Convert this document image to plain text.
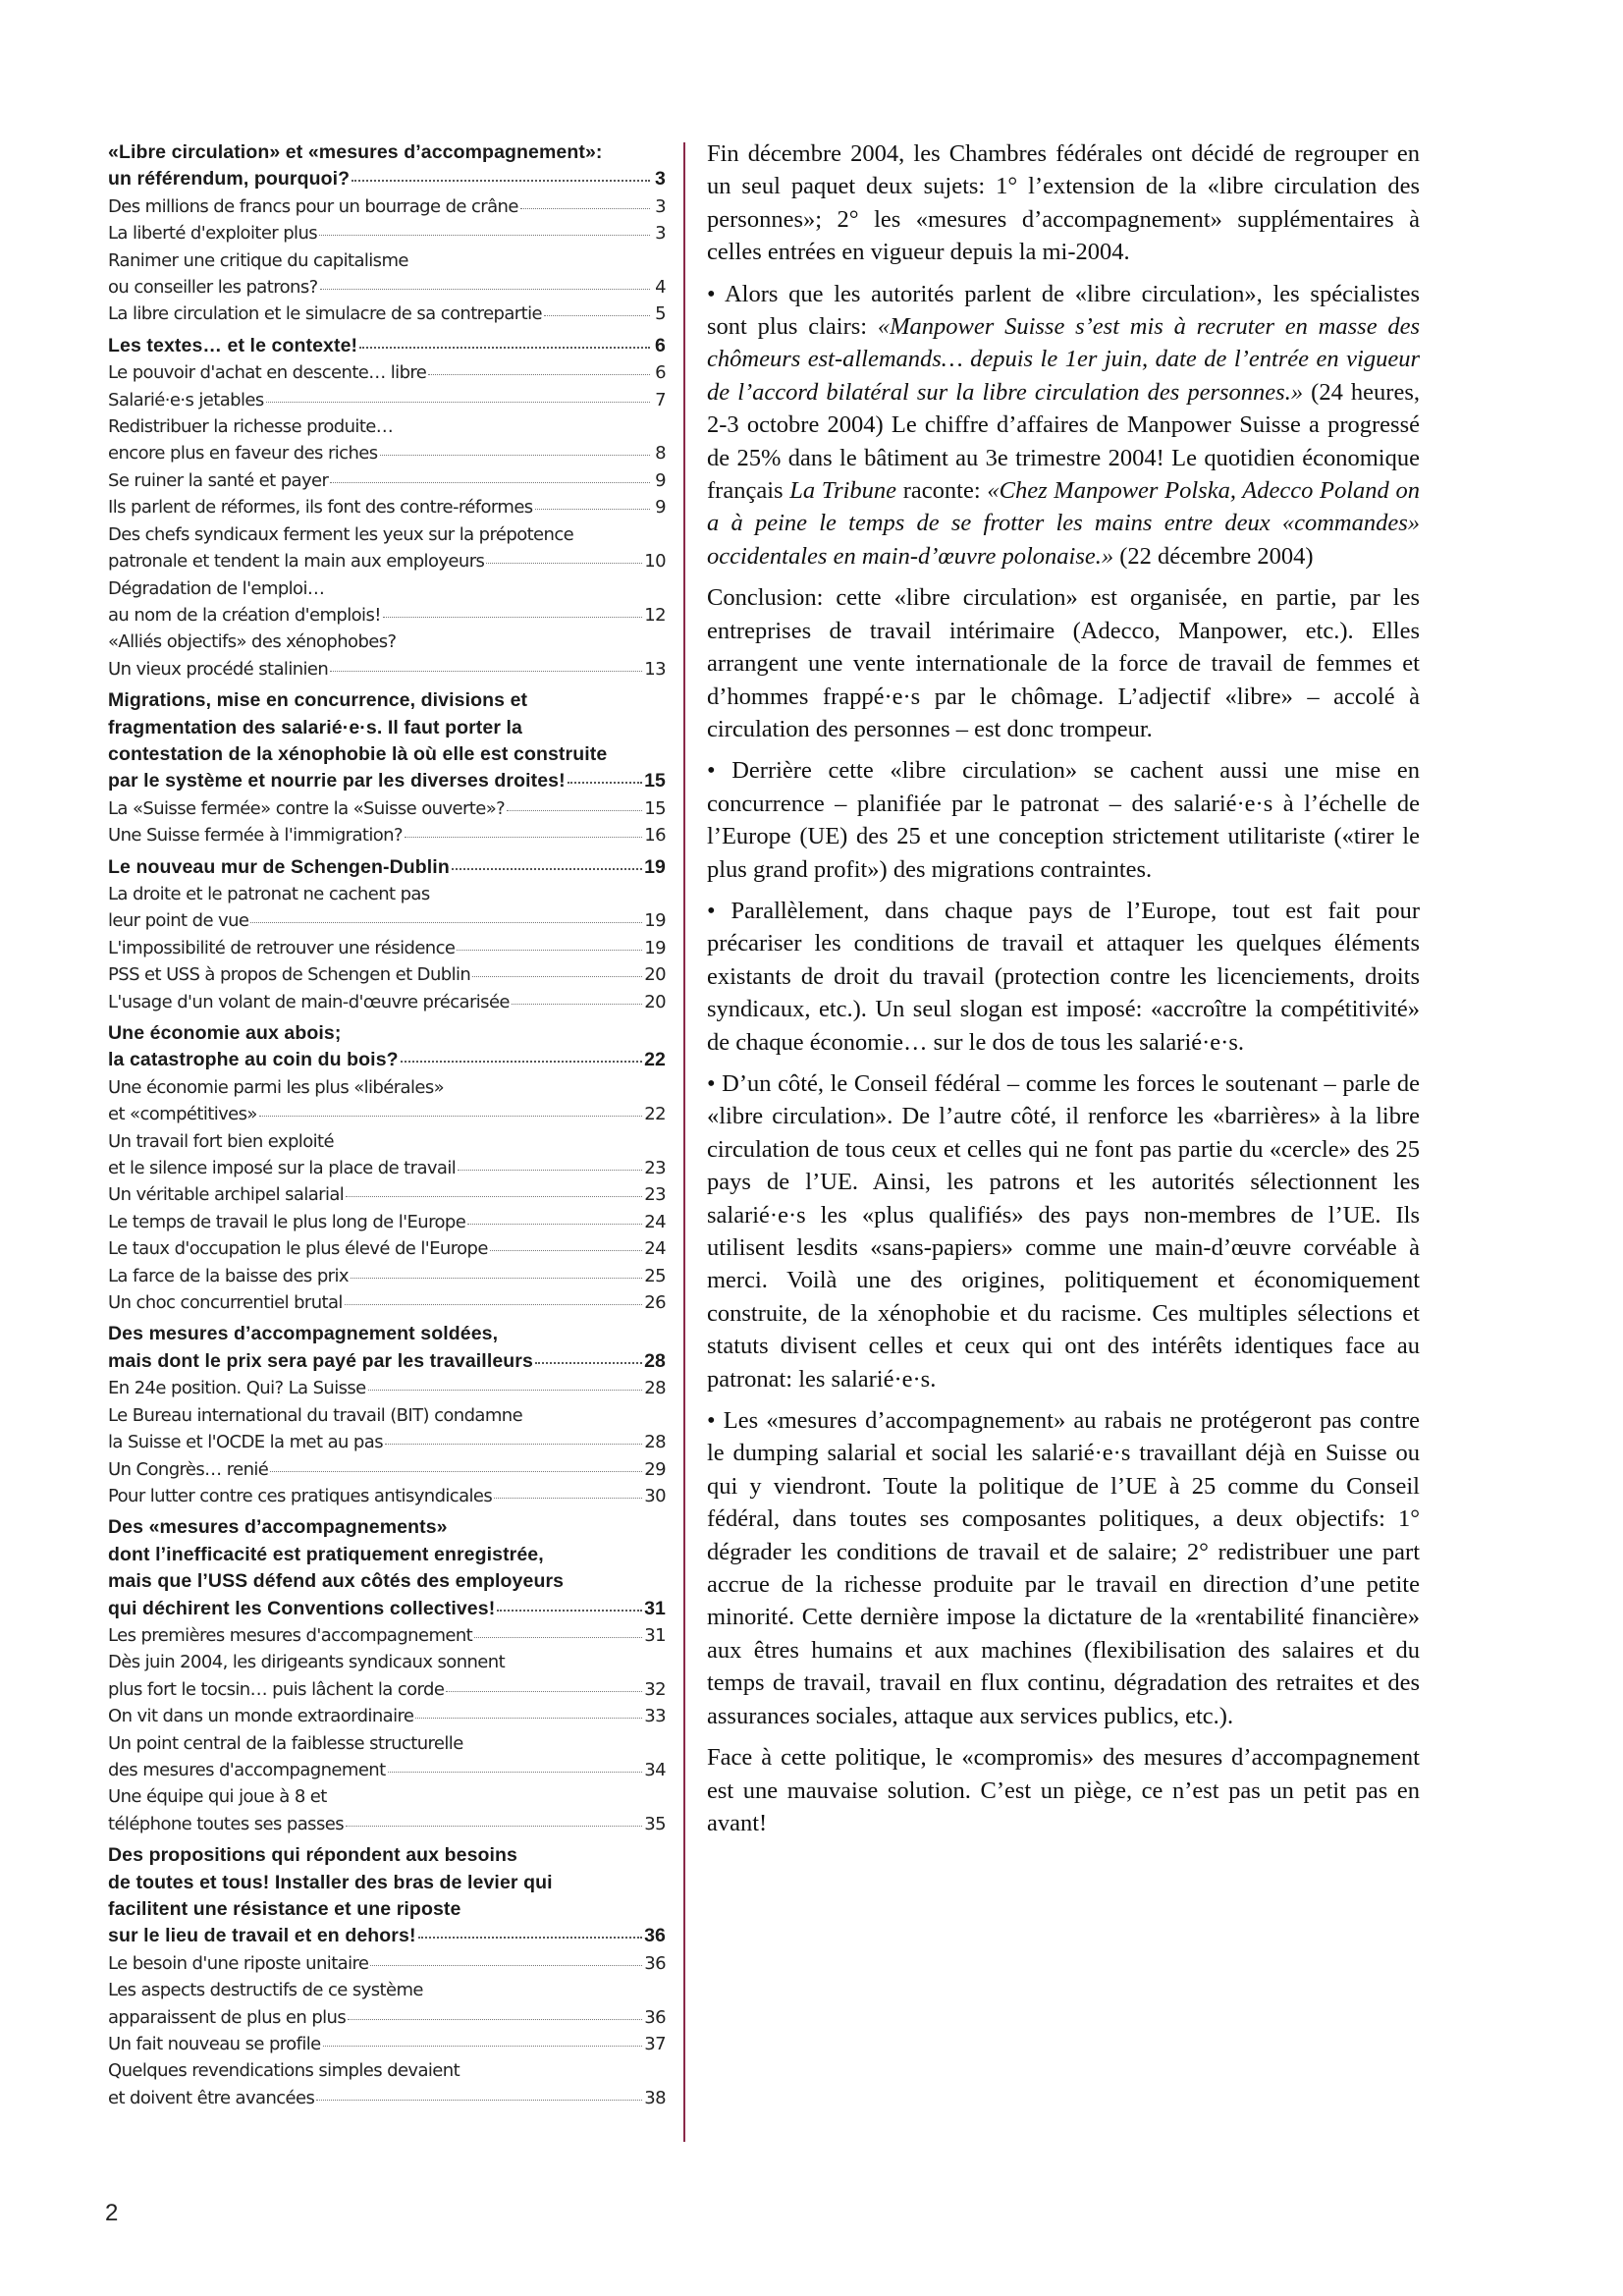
«Libre circulation» et «mesures d’accompagnement»:
un référendum, pourquoi?	3
Des millions de francs pour un bourrage de crâne	3
La liberté d'exploiter plus	3
Ranimer une critique du capitalisme
ou conseiller les patrons?	4
La libre circulation et le simulacre de sa contrepartie	5
Les textes… et le contexte!	6
Le pouvoir d'achat en descente… libre	6
Salarié·e·s jetables	7
Redistribuer la richesse produite…
encore plus en faveur des riches	8
Se ruiner la santé et payer	9
Ils parlent de réformes, ils font des contre-réformes	9
Des chefs syndicaux ferment les yeux sur la prépotence
patronale et tendent la main aux employeurs	10
Dégradation de l'emploi…
au nom de la création d'emplois!	12
«Alliés objectifs» des xénophobes?
Un vieux procédé stalinien	13
Migrations, mise en concurrence, divisions et
fragmentation des salarié·e·s. Il faut porter la
contestation de la xénophobie là où elle est construite
par le système et nourrie par les diverses droites!	15
La «Suisse fermée» contre la «Suisse ouverte»?	15
Une Suisse fermée à l'immigration?	16
Le nouveau mur de Schengen-Dublin	19
La droite et le patronat ne cachent pas
leur point de vue	19
L'impossibilité de retrouver une résidence	19
PSS et USS à propos de Schengen et Dublin	20
L'usage d'un volant de main-d'œuvre précarisée	20
Une économie aux abois;
la catastrophe au coin du bois?	22
Une économie parmi les plus «libérales»
et «compétitives»	22
Un travail fort bien exploité
et le silence imposé sur la place de travail	23
Un véritable archipel salarial	23
Le temps de travail le plus long de l'Europe	24
Le taux d'occupation le plus élevé de l'Europe	24
La farce de la baisse des prix	25
Un choc concurrentiel brutal	26
Des mesures d’accompagnement soldées,
mais dont le prix sera payé par les travailleurs	28
En 24e position. Qui? La Suisse	28
Le Bureau international du travail (BIT) condamne
la Suisse et l'OCDE la met au pas	28
Un Congrès… renié	29
Pour lutter contre ces pratiques antisyndicales	30
Des «mesures d’accompagnements»
dont l’inefficacité est pratiquement enregistrée,
mais que l’USS défend aux côtés des employeurs
qui déchirent les Conventions collectives!	31
Les premières mesures d'accompagnement	31
Dès juin 2004, les dirigeants syndicaux sonnent
plus fort le tocsin… puis lâchent la corde	32
On vit dans un monde extraordinaire	33
Un point central de la faiblesse structurelle
des mesures d'accompagnement	34
Une équipe qui joue à 8 et
téléphone toutes ses passes	35
Des propositions qui répondent aux besoins
de toutes et tous! Installer des bras de levier qui
facilitent une résistance et une riposte
sur le lieu de travail et en dehors!	36
Le besoin d'une riposte unitaire	36
Les aspects destructifs de ce système
apparaissent de plus en plus	36
Un fait nouveau se profile	37
Quelques revendications simples devaient
et doivent être avancées	38

Fin décembre 2004, les Chambres fédérales ont décidé de regrouper en un seul paquet deux sujets: 1° l’extension de la «libre circulation des personnes»; 2° les «mesures d’accompagnement» supplémentaires à celles entrées en vigueur depuis la mi-2004.

• Alors que les autorités parlent de «libre circulation», les spécialistes sont plus clairs: «Manpower Suisse s’est mis à recruter en masse des chômeurs est-allemands… depuis le 1er juin, date de l’entrée en vigueur de l’accord bilatéral sur la libre circulation des personnes.» (24 heures, 2-3 octobre 2004) Le chiffre d’affaires de Manpower Suisse a progressé de 25% dans le bâtiment au 3e trimestre 2004! Le quotidien économique français La Tribune raconte: «Chez Manpower Polska, Adecco Poland on a à peine le temps de se frotter les mains entre deux «commandes» occidentales en main-d’œuvre polonaise.» (22 décembre 2004)

Conclusion: cette «libre circulation» est organisée, en partie, par les entreprises de travail intérimaire (Adecco, Manpower, etc.). Elles arrangent une vente internationale de la force de travail de femmes et d’hommes frappé·e·s par le chômage. L’adjectif «libre» – accolé à circulation des personnes – est donc trompeur.

• Derrière cette «libre circulation» se cachent aussi une mise en concurrence – planifiée par le patronat – des salarié·e·s à l’échelle de l’Europe (UE) des 25 et une conception strictement utilitariste («tirer le plus grand profit») des migrations contraintes.

• Parallèlement, dans chaque pays de l’Europe, tout est fait pour précariser les conditions de travail et attaquer les quelques éléments existants de droit du travail (protection contre les licenciements, droits syndicaux, etc.). Un seul slogan est imposé: «accroître la compétitivité» de chaque économie… sur le dos de tous les salarié·e·s.

• D’un côté, le Conseil fédéral – comme les forces le soutenant – parle de «libre circulation». De l’autre côté, il renforce les «barrières» à la libre circulation de tous ceux et celles qui ne font pas partie du «cercle» des 25 pays de l’UE. Ainsi, les patrons et les autorités sélectionnent les salarié·e·s les «plus qualifiés» des pays non-membres de l’UE. Ils utilisent lesdits «sans-papiers» comme une main-d’œuvre corvéable à merci. Voilà une des origines, politiquement et économiquement construite, de la xénophobie et du racisme. Ces multiples sélections et statuts divisent celles et ceux qui ont des intérêts identiques face au patronat: les salarié·e·s.

• Les «mesures d’accompagnement» au rabais ne protégeront pas contre le dumping salarial et social les salarié·e·s travaillant déjà en Suisse ou qui y viendront. Toute la politique de l’UE à 25 comme du Conseil fédéral, dans toutes ses composantes politiques, a deux objectifs: 1° dégrader les conditions de travail et de salaire; 2° redistribuer une part accrue de la richesse produite par le travail en direction d’une petite minorité. Cette dernière impose la dictature de la «rentabilité financière» aux êtres humains et aux machines (flexibilisation des salaires et du temps de travail, travail en flux continu, dégradation des retraites et des assurances sociales, attaque aux services publics, etc.).

Face à cette politique, le «compromis» des mesures d’accompagnement est une mauvaise solution. C’est un piège, ce n’est pas un petit pas en avant!

2
